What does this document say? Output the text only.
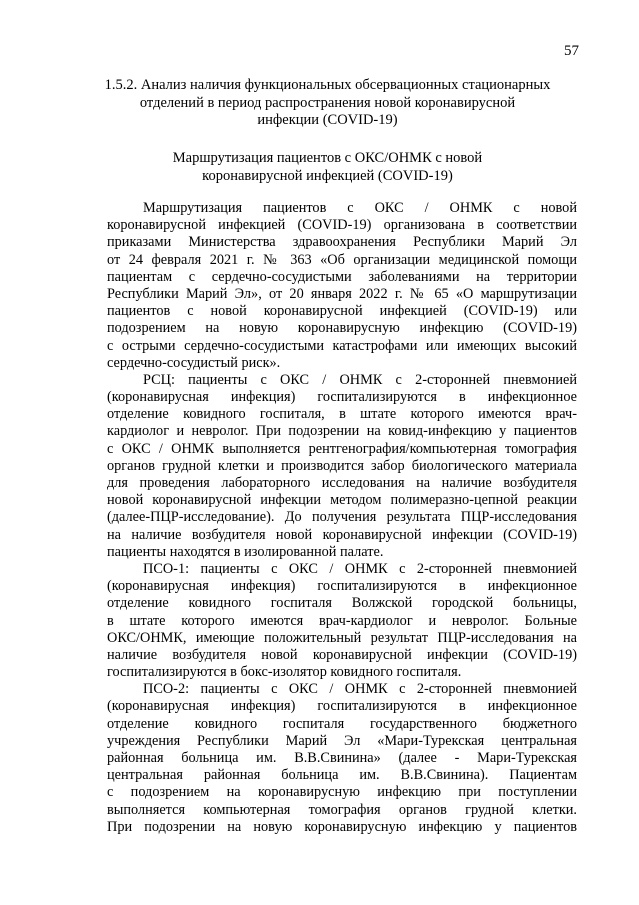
57
1.5.2. Анализ наличия функциональных обсервационных стационарных
отделений в период распространения новой коронавирусной
инфекции (COVID-19)
Маршрутизация пациентов с ОКС/ОНМК с новой
коронавирусной инфекцией (COVID-19)
Маршрутизация пациентов с ОКС / ОНМК с новой
коронавирусной инфекцией (COVID-19) организована в соответствии
приказами Министерства здравоохранения Республики Марий Эл
от 24 февраля 2021 г. № 363 «Об организации медицинской помощи
пациентам с сердечно-сосудистыми заболеваниями на территории
Республики Марий Эл», от 20 января 2022 г. № 65 «О маршрутизации
пациентов с новой коронавирусной инфекцией (COVID-19) или
подозрением на новую коронавирусную инфекцию (COVID-19)
с острыми сердечно-сосудистыми катастрофами или имеющих высокий
сердечно-сосудистый риск».
РСЦ: пациенты с ОКС / ОНМК с 2-сторонней пневмонией
(коронавирусная инфекция) госпитализируются в инфекционное
отделение ковидного госпиталя, в штате которого имеются врач-
кардиолог и невролог. При подозрении на ковид-инфекцию у пациентов
с ОКС / ОНМК выполняется рентгенография/компьютерная томография
органов грудной клетки и производится забор биологического материала
для проведения лабораторного исследования на наличие возбудителя
новой коронавирусной инфекции методом полимеразно-цепной реакции
(далее-ПЦР-исследование). До получения результата ПЦР-исследования
на наличие возбудителя новой коронавирусной инфекции (COVID-19)
пациенты находятся в изолированной палате.
ПСО-1: пациенты с ОКС / ОНМК с 2-сторонней пневмонией
(коронавирусная инфекция) госпитализируются в инфекционное
отделение ковидного госпиталя Волжской городской больницы,
в штате которого имеются врач-кардиолог и невролог. Больные
ОКС/ОНМК, имеющие положительный результат ПЦР-исследования на
наличие возбудителя новой коронавирусной инфекции (COVID-19)
госпитализируются в бокс-изолятор ковидного госпиталя.
ПСО-2: пациенты с ОКС / ОНМК с 2-сторонней пневмонией
(коронавирусная инфекция) госпитализируются в инфекционное
отделение ковидного госпиталя государственного бюджетного
учреждения Республики Марий Эл «Мари-Турекская центральная
районная больница им. В.В.Свинина» (далее - Мари-Турекская
центральная районная больница им. В.В.Свинина). Пациентам
с подозрением на коронавирусную инфекцию при поступлении
выполняется компьютерная томография органов грудной клетки.
При подозрении на новую коронавирусную инфекцию у пациентов
